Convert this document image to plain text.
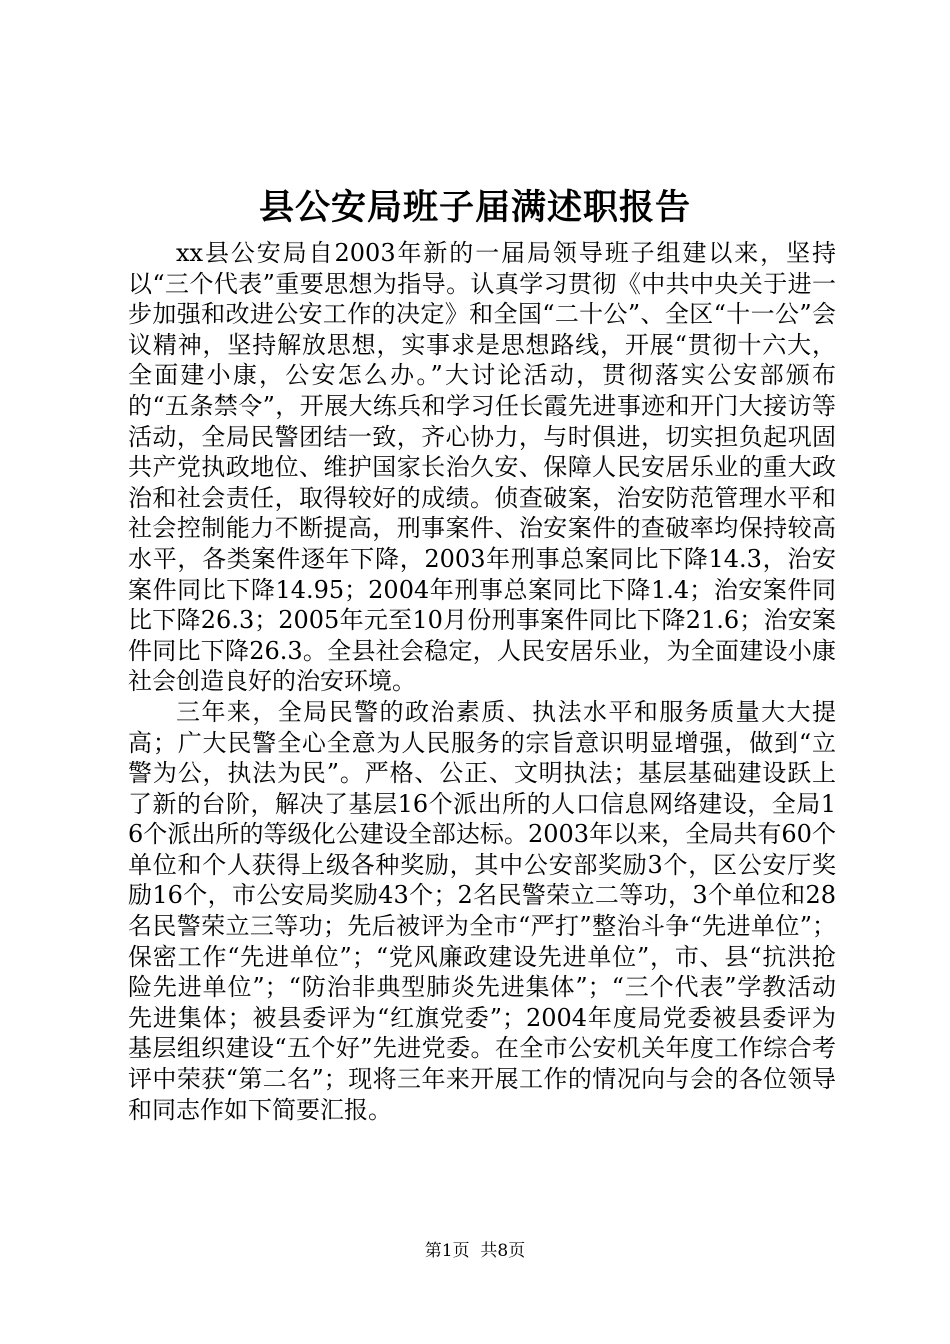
县公安局班子届满述职报告

xx县公安局自2003年新的一届局领导班子组建以来，坚持以“三个代表”重要思想为指导。认真学习贯彻《中共中央关于进一步加强和改进公安工作的决定》和全国“二十公”、全区“十一公”会议精神，坚持解放思想，实事求是思想路线，开展“贯彻十六大，全面建小康，公安怎么办。”大讨论活动，贯彻落实公安部颁布的“五条禁令”，开展大练兵和学习任长霞先进事迹和开门大接访等活动，全局民警团结一致，齐心协力，与时俱进，切实担负起巩固共产党执政地位、维护国家长治久安、保障人民安居乐业的重大政治和社会责任，取得较好的成绩。侦查破案，治安防范管理水平和社会控制能力不断提高，刑事案件、治安案件的查破率均保持较高水平，各类案件逐年下降，2003年刑事总案同比下降14.3，治安案件同比下降14.95；2004年刑事总案同比下降1.4；治安案件同比下降26.3；2005年元至10月份刑事案件同比下降21.6；治安案件同比下降26.3。全县社会稳定，人民安居乐业，为全面建设小康社会创造良好的治安环境。

三年来，全局民警的政治素质、执法水平和服务质量大大提高；广大民警全心全意为人民服务的宗旨意识明显增强，做到“立警为公，执法为民”。严格、公正、文明执法；基层基础建设跃上了新的台阶，解决了基层16个派出所的人口信息网络建设，全局16个派出所的等级化公建设全部达标。2003年以来，全局共有60个单位和个人获得上级各种奖励，其中公安部奖励3个，区公安厅奖励16个，市公安局奖励43个；2名民警荣立二等功，3个单位和28名民警荣立三等功；先后被评为全市“严打”整治斗争“先进单位”；保密工作“先进单位”；“党风廉政建设先进单位”，市、县“抗洪抢险先进单位”；“防治非典型肺炎先进集体”；“三个代表”学教活动先进集体；被县委评为“红旗党委”；2004年度局党委被县委评为基层组织建设“五个好”先进党委。在全市公安机关年度工作综合考评中荣获“第二名”；现将三年来开展工作的情况向与会的各位领导和同志作如下简要汇报。

第1页 共8页
